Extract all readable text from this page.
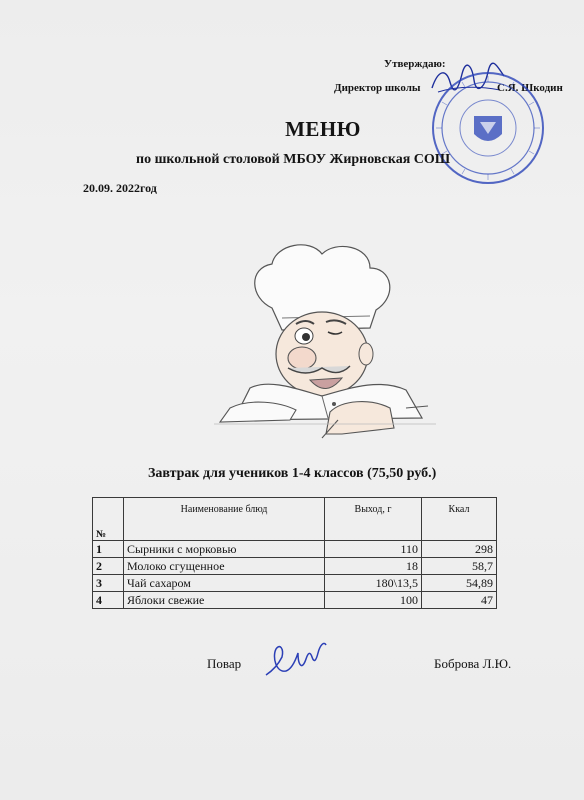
Утверждаю:
Директор школы	С.Я. Шкодин
МЕНЮ
по школьной столовой МБОУ Жирновская СОШ
20.09. 2022год
Завтрак для учеников 1-4 классов (75,50 руб.)
№	Наименование блюд	Выход, г	Ккал
1	Сырники с морковью	110	298
2	Молоко сгущенное	18	58,7
3	Чай сахаром	180\13,5	54,89
4	Яблоки свежие	100	47
Повар	Боброва Л.Ю.
